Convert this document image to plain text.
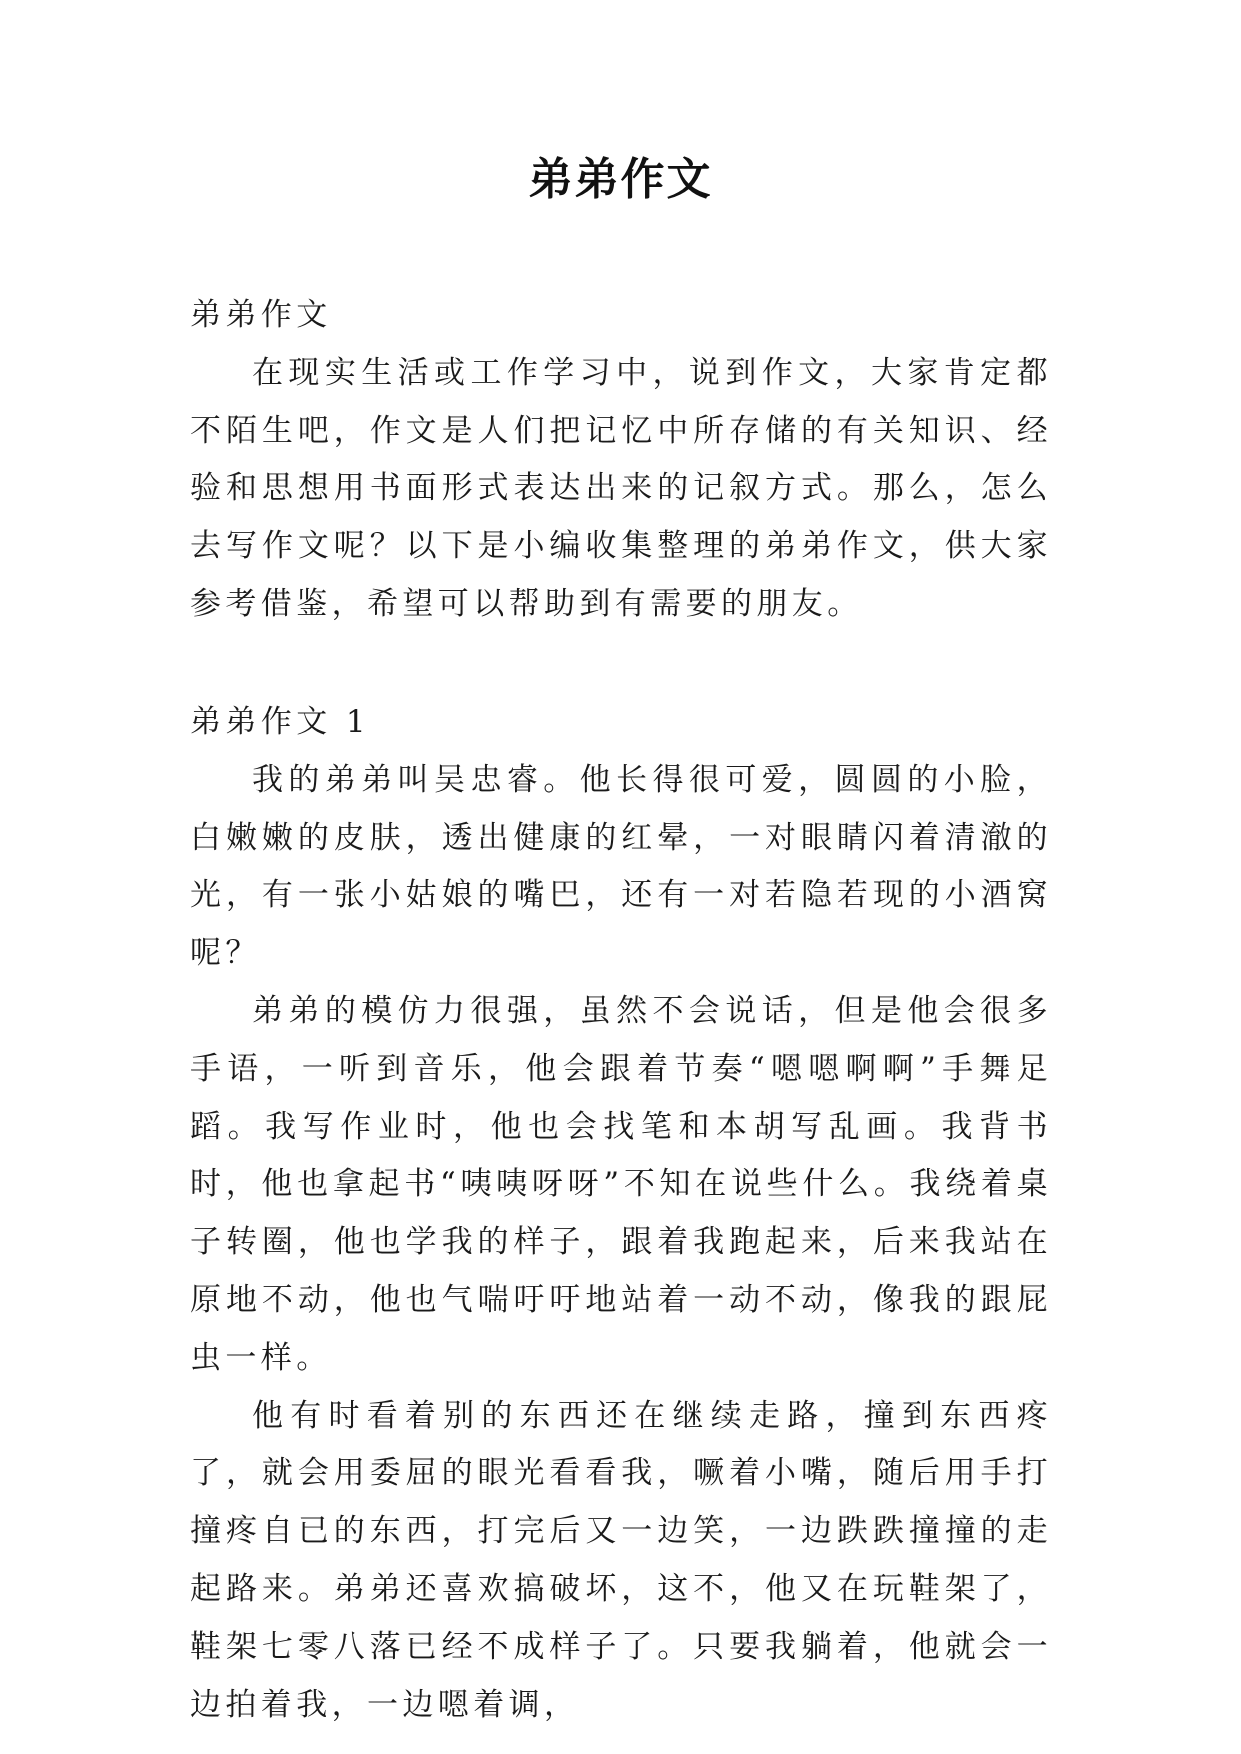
弟弟作文

弟弟作文

在现实生活或工作学习中，说到作文，大家肯定都不陌生吧，作文是人们把记忆中所存储的有关知识、经验和思想用书面形式表达出来的记叙方式。那么，怎么去写作文呢？以下是小编收集整理的弟弟作文，供大家参考借鉴，希望可以帮助到有需要的朋友。

弟弟作文 1

我的弟弟叫吴忠睿。他长得很可爱，圆圆的小脸，白嫩嫩的皮肤，透出健康的红晕，一对眼睛闪着清澈的光，有一张小姑娘的嘴巴，还有一对若隐若现的小酒窝呢？

弟弟的模仿力很强，虽然不会说话，但是他会很多手语，一听到音乐，他会跟着节奏“嗯嗯啊啊”手舞足蹈。我写作业时，他也会找笔和本胡写乱画。我背书时，他也拿起书“咦咦呀呀”不知在说些什么。我绕着桌子转圈，他也学我的样子，跟着我跑起来，后来我站在原地不动，他也气喘吁吁地站着一动不动，像我的跟屁虫一样。

他有时看着别的东西还在继续走路，撞到东西疼了，就会用委屈的眼光看看我，噘着小嘴，随后用手打撞疼自已的东西，打完后又一边笑，一边跌跌撞撞的走起路来。弟弟还喜欢搞破坏，这不，他又在玩鞋架了，鞋架七零八落已经不成样子了。只要我躺着，他就会一边拍着我，一边嗯着调，
